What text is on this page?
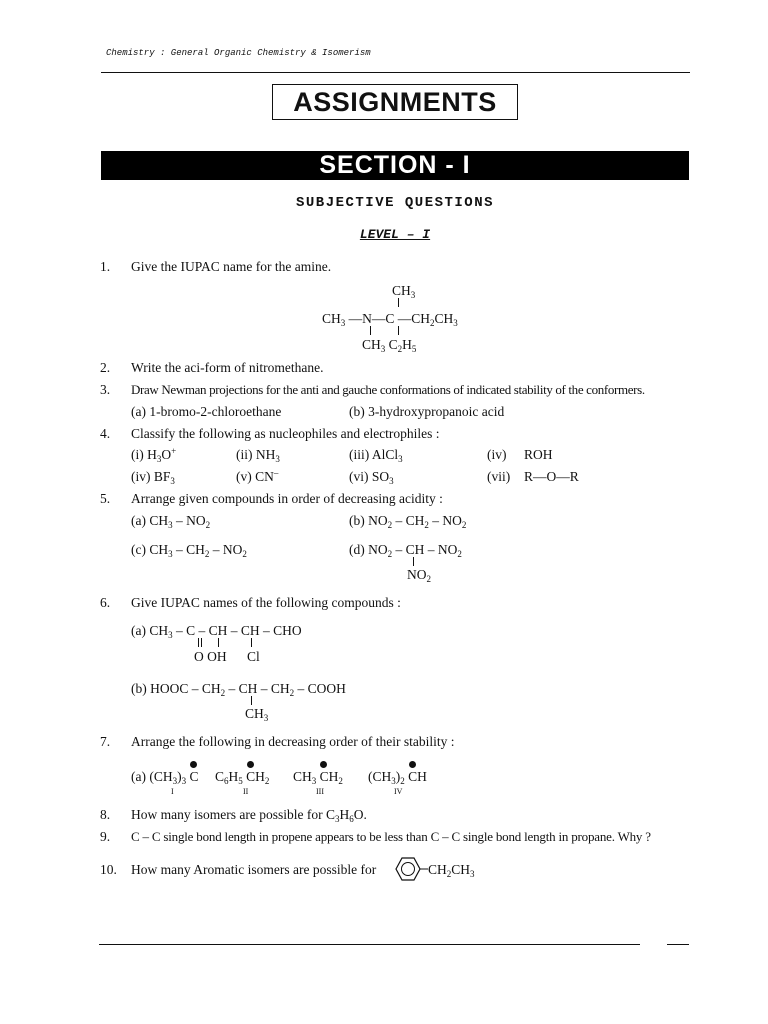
Chemistry : General Organic Chemistry & Isomerism
ASSIGNMENTS
SECTION - I
SUBJECTIVE QUESTIONS
LEVEL – I
1. Give the IUPAC name for the amine.
$CH_3$
$CH_3$ —N—C $—CH_2CH_3$
$CH_3$ $C_2H_5$
2. Write the aci-form of nitromethane.
3. Draw Newman projections for the anti and gauche conformations of indicated stability of the conformers.
(a) 1-bromo-2-chloroethane	(b) 3-hydroxypropanoic acid
4. Classify the following as nucleophiles and electrophiles :
(i) $H_3O^+$	(ii) $NH_3$	(iii) AlCl$_3$	(iv) ROH
(iv) $BF_3$	(v) CN–	(vi) $SO_3$	(vii) R—O—R
5. Arrange given compounds in order of decreasing acidity :
(a) $CH_3 - NO_2$	(b) $NO_2 - CH_2 - NO_2$
(c) $CH_3 - CH_2 - NO_2$	(d) $NO_2$ – CH – $NO_2$
$NO_2$
6. Give IUPAC names of the following compounds :
(a) $CH_3$ – C – CH – CH – CHO
O OH Cl
(b) HOOC – $CH_2$ – CH – $CH_2$ – COOH
$CH_3$
7. Arrange the following in decreasing order of their stability :
(a) $(CH_3)_3$ C $C_6H_5$ $CH_2$ $CH_3$ $CH_2$ $(CH_3)_2$ CH
I	II	III	IV
8. How many isomers are possible for $C_3H_6O$.
9. C – C single bond length in propene appears to be less than C – C single bond length in propane. Why ?
10. How many Aromatic isomers are possible for	$CH_2CH_3$
